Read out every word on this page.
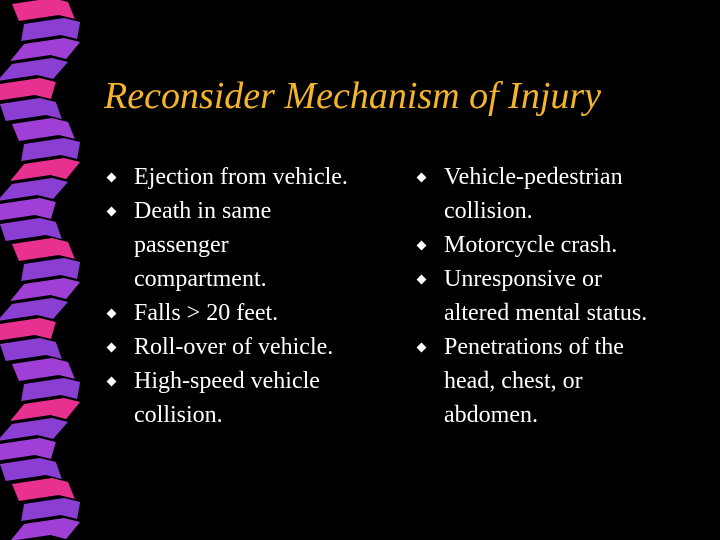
Reconsider Mechanism of Injury
Ejection from vehicle.
Death in same
passenger
compartment.
Falls > 20 feet.
Roll-over of vehicle.
High-speed vehicle
collision.
Vehicle-pedestrian
collision.
Motorcycle crash.
Unresponsive or
altered mental status.
Penetrations of the
head, chest, or
abdomen.
